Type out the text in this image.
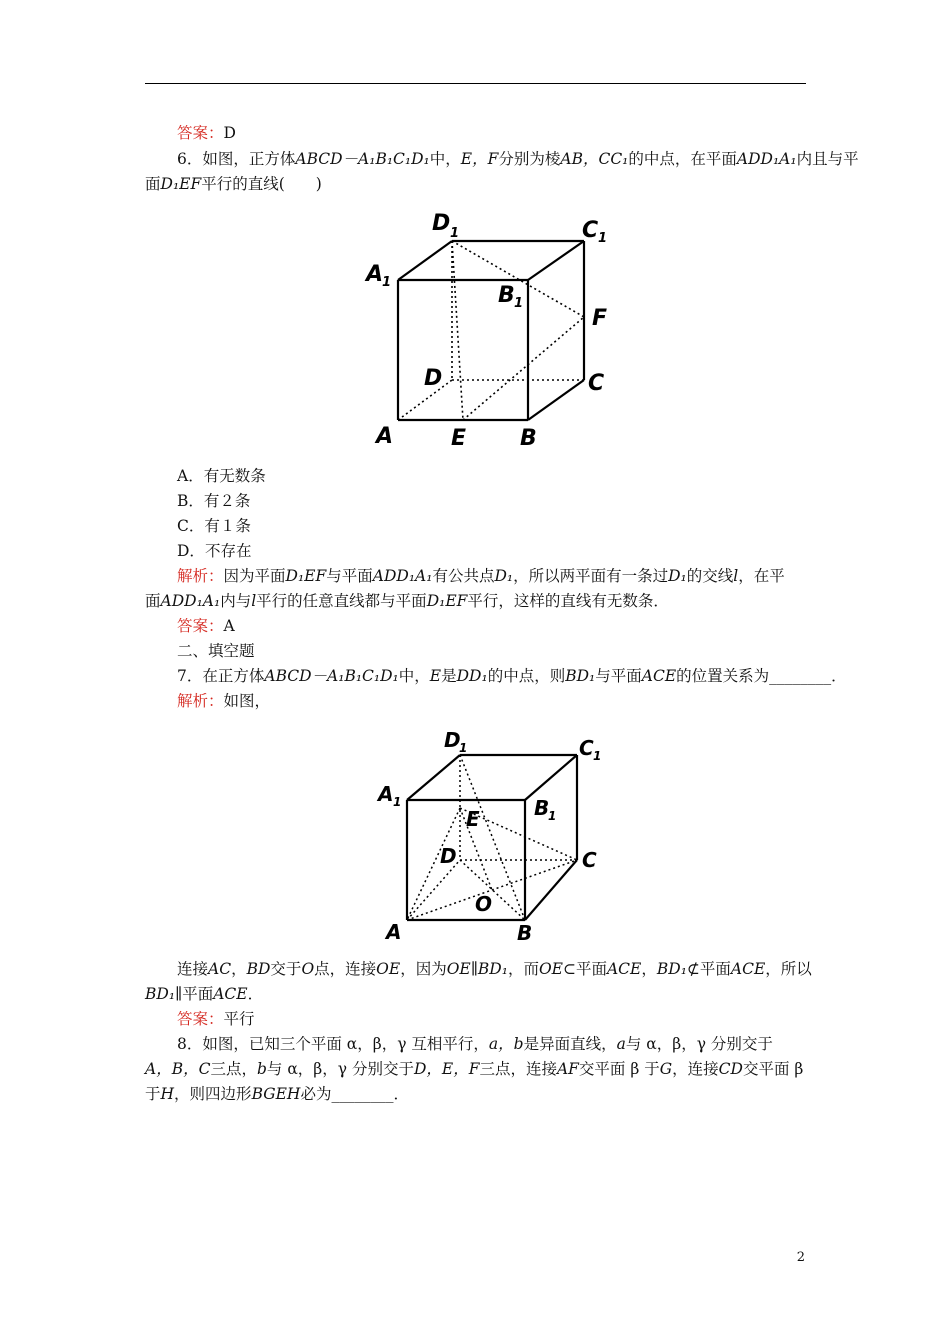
答案：D
6．如图，正方体ABCD－A₁B₁C₁D₁中，E，F分别为棱AB，CC₁的中点，在平面ADD₁A₁内且与平
面D₁EF平行的直线(　　)
D 1	C 1
A
1
B 1
F
D	C
A	E B
A．有无数条
B．有２条
C．有１条
D．不存在
解析：因为平面D₁EF与平面ADD₁A₁有公共点D₁，所以两平面有一条过D₁的交线l，在平
面ADD₁A₁内与l平行的任意直线都与平面D₁EF平行，这样的直线有无数条．
答案：A
二、填空题
7．在正方体ABCD－A₁B₁C₁D₁中，E是DD₁的中点，则BD₁与平面ACE的位置关系为________．
解析：如图，
D
1	C 1
A 1	B
1
E
D	C
O
A	B
连接AC，BD交于O点，连接OE，因为OE∥BD₁，而OE⊂平面ACE，BD₁⊄平面ACE，所以
BD₁∥平面ACE．
答案：平行
8．如图，已知三个平面 α，β，γ 互相平行，a，b是异面直线，a与 α，β，γ 分别交于
A，B，C三点，b与 α，β，γ 分别交于D，E，F三点，连接AF交平面 β 于G，连接CD交平面 β
于H，则四边形BGEH必为________．
2
